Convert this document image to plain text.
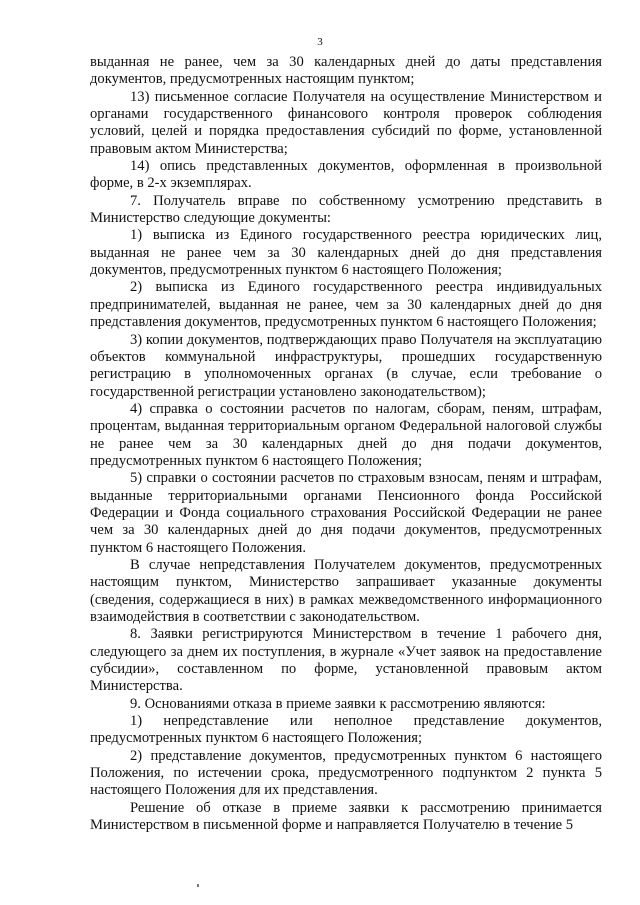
3

выданная не ранее, чем за 30 календарных дней до даты представления документов, предусмотренных настоящим пунктом;

13) письменное согласие Получателя на осуществление Министерством и органами государственного финансового контроля проверок соблюдения условий, целей и порядка предоставления субсидий по форме, установленной правовым актом Министерства;

14) опись представленных документов, оформленная в произвольной форме, в 2-х экземплярах.

7. Получатель вправе по собственному усмотрению представить в Министерство следующие документы:

1) выписка из Единого государственного реестра юридических лиц, выданная не ранее чем за 30 календарных дней до дня представления документов, предусмотренных пунктом 6 настоящего Положения;

2) выписка из Единого государственного реестра индивидуальных предпринимателей, выданная не ранее, чем за 30 календарных дней до дня представления документов, предусмотренных пунктом 6 настоящего Положения;

3) копии документов, подтверждающих право Получателя на эксплуатацию объектов коммунальной инфраструктуры, прошедших государственную регистрацию в уполномоченных органах (в случае, если требование о государственной регистрации установлено законодательством);

4) справка о состоянии расчетов по налогам, сборам, пеням, штрафам, процентам, выданная территориальным органом Федеральной налоговой службы не ранее чем за 30 календарных дней до дня подачи документов, предусмотренных пунктом 6 настоящего Положения;

5) справки о состоянии расчетов по страховым взносам, пеням и штрафам, выданные территориальными органами Пенсионного фонда Российской Федерации и Фонда социального страхования Российской Федерации не ранее чем за 30 календарных дней до дня подачи документов, предусмотренных пунктом 6 настоящего Положения.

В случае непредставления Получателем документов, предусмотренных настоящим пунктом, Министерство запрашивает указанные документы (сведения, содержащиеся в них) в рамках межведомственного информационного взаимодействия в соответствии с законодательством.

8. Заявки регистрируются Министерством в течение 1 рабочего дня, следующего за днем их поступления, в журнале «Учет заявок на предоставление субсидии», составленном по форме, установленной правовым актом Министерства.

9. Основаниями отказа в приеме заявки к рассмотрению являются:

1) непредставление или неполное представление документов, предусмотренных пунктом 6 настоящего Положения;

2) представление документов, предусмотренных пунктом 6 настоящего Положения, по истечении срока, предусмотренного подпунктом 2 пункта 5 настоящего Положения для их представления.

Решение об отказе в приеме заявки к рассмотрению принимается Министерством в письменной форме и направляется Получателю в течение 5
